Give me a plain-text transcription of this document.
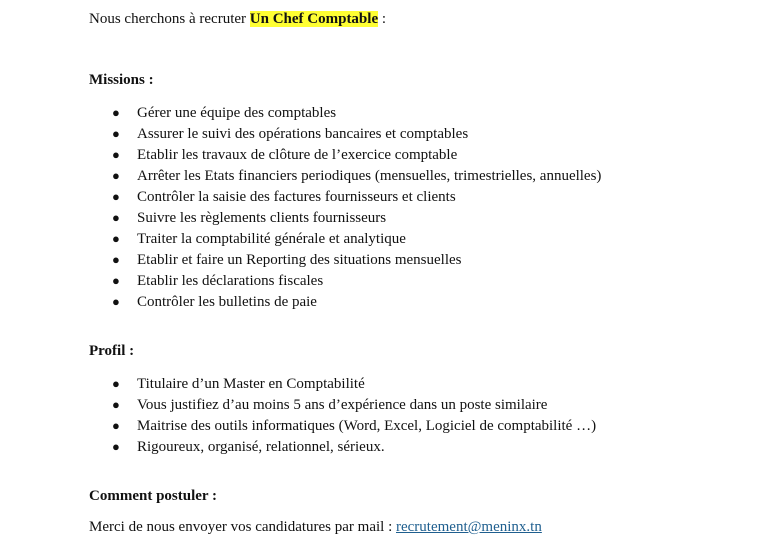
Nous cherchons à recruter Un Chef Comptable :
Missions :
● Gérer une équipe des comptables
● Assurer le suivi des opérations bancaires et comptables
● Etablir les travaux de clôture de l’exercice comptable
● Arrêter les Etats financiers periodiques (mensuelles, trimestrielles, annuelles)
● Contrôler la saisie des factures fournisseurs et clients
● Suivre les règlements clients fournisseurs
● Traiter la comptabilité générale et analytique
● Etablir et faire un Reporting des situations mensuelles
● Etablir les déclarations fiscales
● Contrôler les bulletins de paie
Profil :
● Titulaire d’un Master en Comptabilité
● Vous justifiez d’au moins 5 ans d’expérience dans un poste similaire
● Maitrise des outils informatiques (Word, Excel, Logiciel de comptabilité …)
● Rigoureux, organisé, relationnel, sérieux.
Comment postuler :
Merci de nous envoyer vos candidatures par mail : recrutement@meninx.tn
